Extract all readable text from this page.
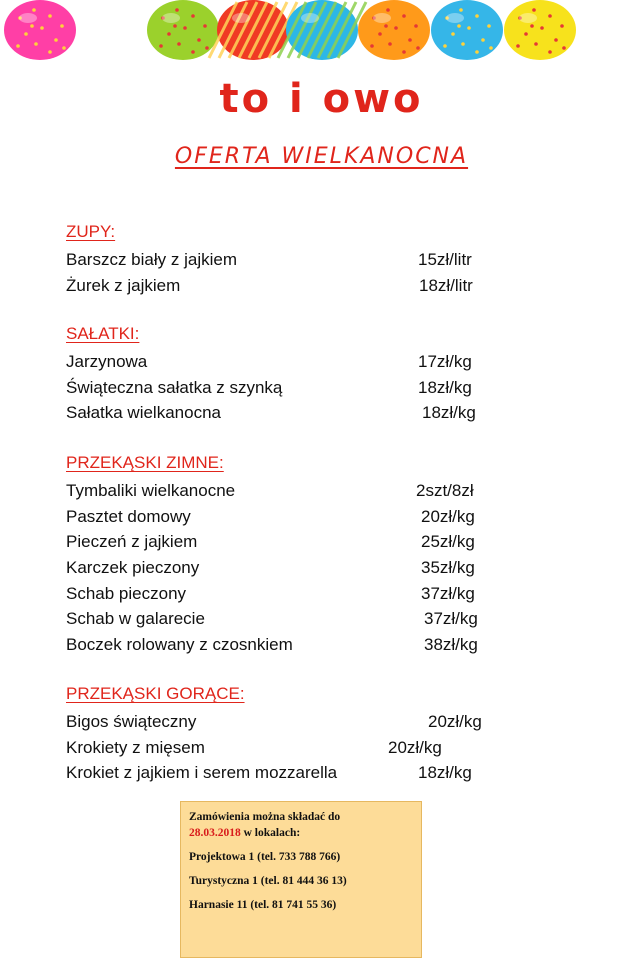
to i owo
OFERTA WIELKANOCNA
ZUPY:
Barszcz biały z jajkiem	15zł/litr
Żurek z jajkiem	18zł/litr
SAŁATKI:
Jarzynowa	17zł/kg
Świąteczna sałatka z szynką	18zł/kg
Sałatka wielkanocna	18zł/kg
PRZEKĄSKI ZIMNE:
Tymbaliki wielkanocne	2szt/8zł
Pasztet domowy	20zł/kg
Pieczeń z jajkiem	25zł/kg
Karczek pieczony	35zł/kg
Schab pieczony	37zł/kg
Schab w galarecie	37zł/kg
Boczek rolowany z czosnkiem	38zł/kg
PRZEKĄSKI GORĄCE:
Bigos świąteczny	20zł/kg
Krokiety z mięsem	20zł/kg
Krokiet z jajkiem i serem mozzarella	18zł/kg
Zamówienia można składać do
28.03.2018 w lokalach:
Projektowa 1 (tel. 733 788 766)
Turystyczna 1 (tel. 81 444 36 13)
Harnasie 11 (tel. 81 741 55 36)
